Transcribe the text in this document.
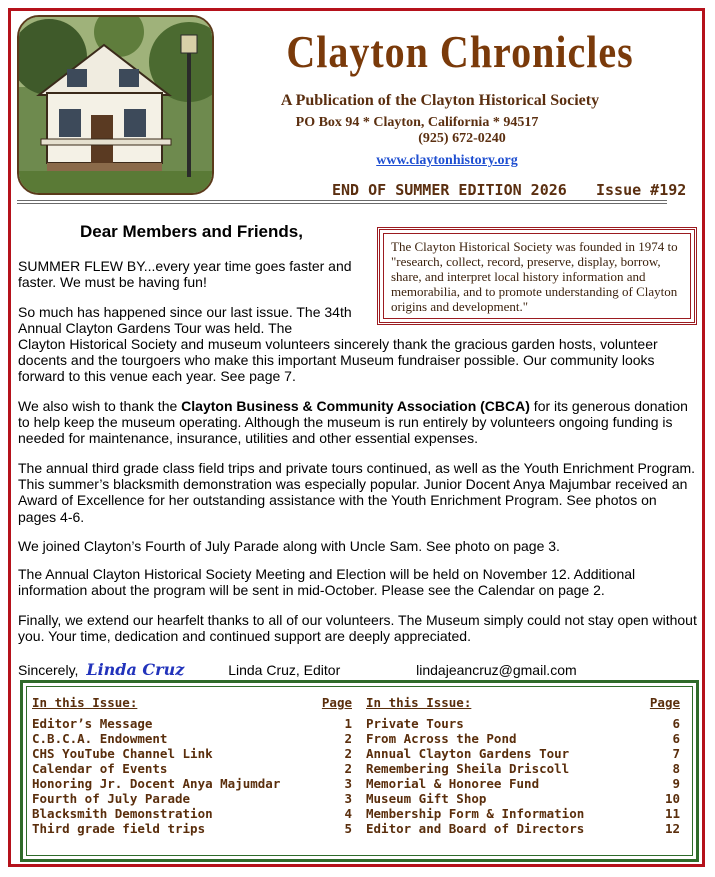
Clayton Chronicles
A Publication of the Clayton Historical Society
PO Box 94 * Clayton, California * 94517
(925) 672-0240
www.claytonhistory.org
END OF SUMMER EDITION 2026 Issue #192
Dear Members and Friends,
The Clayton Historical Society was founded in 1974 to "research, collect, record, preserve, display, borrow, share, and interpret local history information and memorabilia, and to promote understanding of Clayton origins and development."
SUMMER FLEW BY...every year time goes faster and faster. We must be having fun!
So much has happened since our last issue. The 34th Annual Clayton Gardens Tour was held. The
Clayton Historical Society and museum volunteers sincerely thank the gracious garden hosts, volunteer docents and the tourgoers who make this important Museum fundraiser possible. Our community looks forward to this venue each year. See page 7.
We also wish to thank the Clayton Business & Community Association (CBCA) for its generous donation to help keep the museum operating. Although the museum is run entirely by volunteers ongoing funding is needed for maintenance, insurance, utilities and other essential expenses.
The annual third grade class field trips and private tours continued, as well as the Youth Enrichment Program. This summer’s blacksmith demonstration was especially popular. Junior Docent Anya Majumbar received an Award of Excellence for her outstanding assistance with the Youth Enrichment Program. See photos on pages 4-6.
We joined Clayton’s Fourth of July Parade along with Uncle Sam. See photo on page 3.
The Annual Clayton Historical Society Meeting and Election will be held on November 12. Additional information about the program will be sent in mid-October. Please see the Calendar on page 2.
Finally, we extend our hearfelt thanks to all of our volunteers. The Museum simply could not stay open without you. Your time, dedication and continued support are deeply appreciated.
Sincerely, Linda Cruz	Linda Cruz, Editor	lindajeancruz@gmail.com
In this Issue:	Page
Editor’s Message	1
C.B.C.A. Endowment	2
CHS YouTube Channel Link	2
Calendar of Events	2
Honoring Jr. Docent Anya Majumdar	3
Fourth of July Parade	3
Blacksmith Demonstration	4
Third grade field trips	5
In this Issue:	Page
Private Tours	6
From Across the Pond	6
Annual Clayton Gardens Tour	7
Remembering Sheila Driscoll	8
Memorial & Honoree Fund	9
Museum Gift Shop	10
Membership Form & Information	11
Editor and Board of Directors	12
